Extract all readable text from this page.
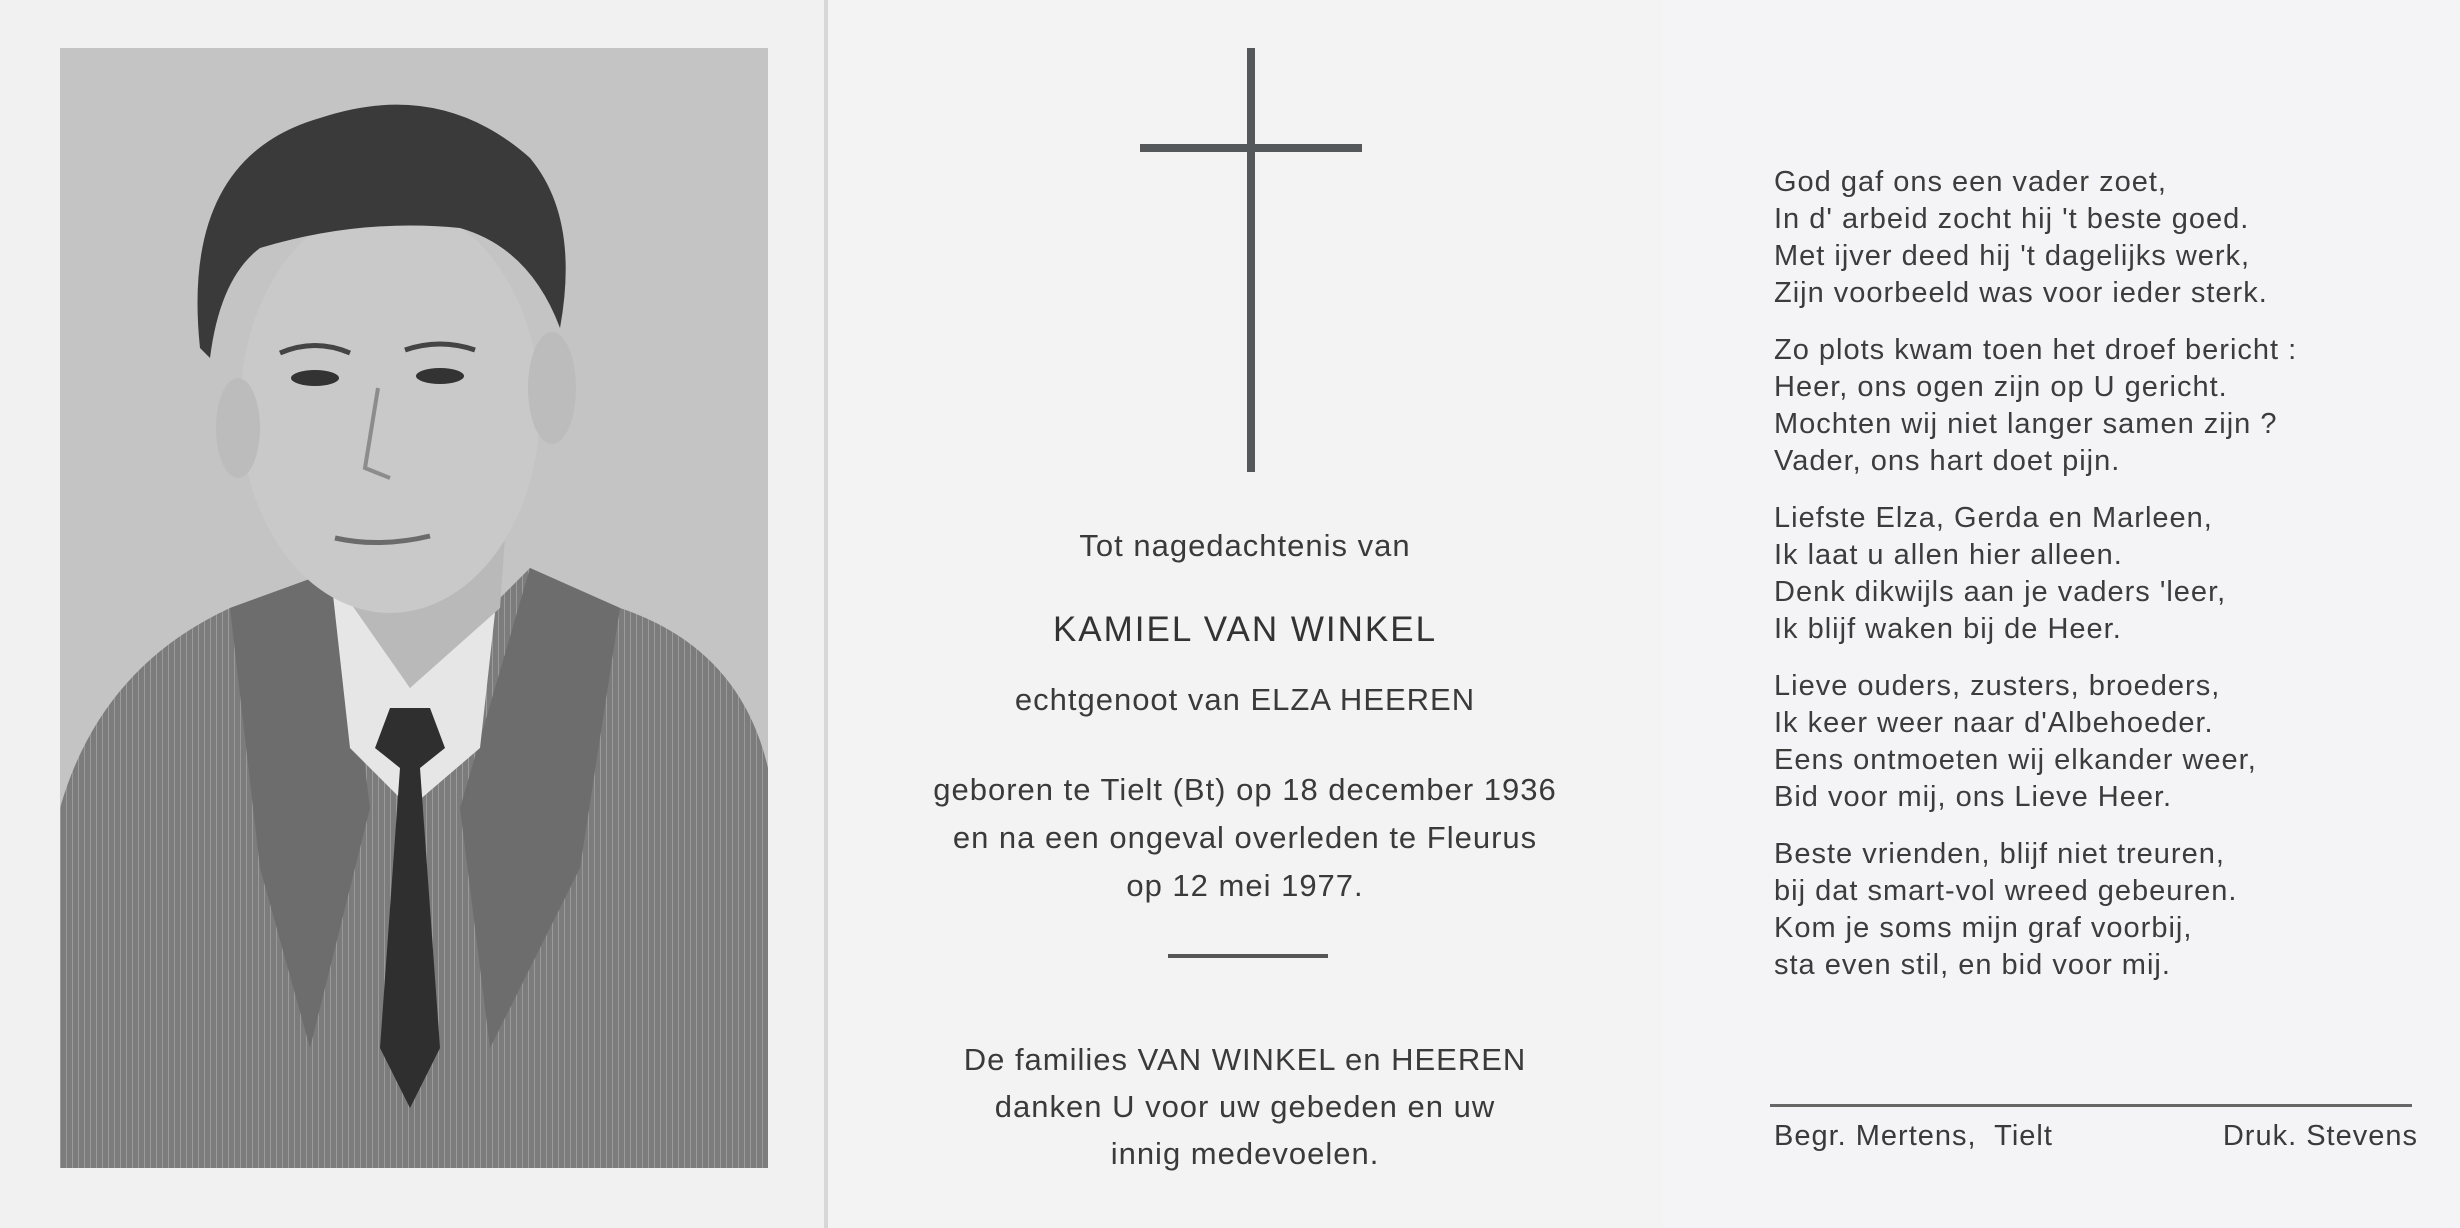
Tot nagedachtenis van
KAMIEL VAN WINKEL
echtgenoot van ELZA HEEREN
geboren te Tielt (Bt) op 18 december 1936
en na een ongeval overleden te Fleurus
op 12 mei 1977.
De families VAN WINKEL en HEEREN
danken U voor uw gebeden en uw
innig medevoelen.
God gaf ons een vader zoet,
In d' arbeid zocht hij 't beste goed.
Met ijver deed hij 't dagelijks werk,
Zijn voorbeeld was voor ieder sterk.
Zo plots kwam toen het droef bericht :
Heer, ons ogen zijn op U gericht.
Mochten wij niet langer samen zijn ?
Vader, ons hart doet pijn.
Liefste Elza, Gerda en Marleen,
Ik laat u allen hier alleen.
Denk dikwijls aan je vaders 'leer,
Ik blijf waken bij de Heer.
Lieve ouders, zusters, broeders,
Ik keer weer naar d'Albehoeder.
Eens ontmoeten wij elkander weer,
Bid voor mij, ons Lieve Heer.
Beste vrienden, blijf niet treuren,
bij dat smart-vol wreed gebeuren.
Kom je soms mijn graf voorbij,
sta even stil, en bid voor mij.
Begr. Mertens,  Tielt	Druk. Stevens
